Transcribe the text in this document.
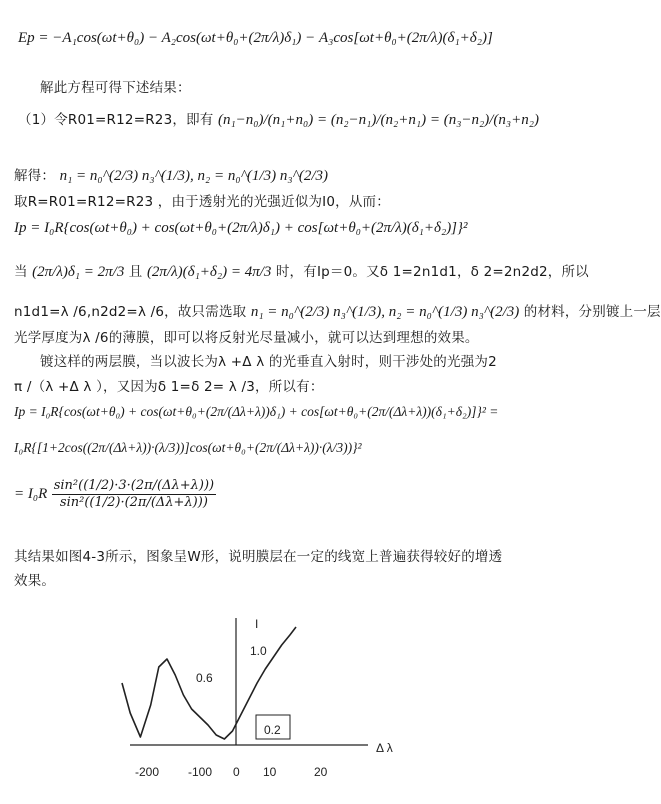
Ep = −A₁cos(ωt+θ₀) − A₂cos(ωt+θ₀+(2π/λ)δ₁) − A₃cos[ωt+θ₀+(2π/λ)(δ₁+δ₂)]
解此方程可得下述结果：
（1）令R01=R12=R23，即有 (n₁−n₀)/(n₁+n₀) = (n₂−n₁)/(n₂+n₁) = (n₃−n₂)/(n₃+n₂)
解得： n₁ = n₀^(2/3) n₃^(1/3), n₂ = n₀^(1/3) n₃^(2/3)
取R=R01=R12=R23 ，由于透射光的光强近似为I0，从而：
Ip = I₀R{cos(ωt+θ₀) + cos(ωt+θ₀+(2π/λ)δ₁) + cos[ωt+θ₀+(2π/λ)(δ₁+δ₂)]}²
当 (2π/λ)δ₁ = 2π/3 且 (2π/λ)(δ₁+δ₂) = 4π/3 时，有Ip＝0。又δ 1=2n1d1，δ 2=2n2d2，所以
n1d1=λ /6,n2d2=λ /6，故只需选取 n₁ = n₀^(2/3) n₃^(1/3), n₂ = n₀^(1/3) n₃^(2/3) 的材料，分别镀上一层
光学厚度为λ /6的薄膜，即可以将反射光尽量减小，就可以达到理想的效果。
镀这样的两层膜，当以波长为λ +Δ λ 的光垂直入射时，则干涉处的光强为2
π /（λ +Δ λ ），又因为δ 1=δ 2= λ /3，所以有：
Ip = I₀R{cos(ωt+θ₀) + cos(ωt+θ₀+(2π/(Δλ+λ))δ₁) + cos[ωt+θ₀+(2π/(Δλ+λ))(δ₁+δ₂)]}² =
I₀R{[1+2cos((2π/(Δλ+λ))·(λ/3))]cos(ωt+θ₀+(2π/(Δλ+λ))·(λ/3))}²
= $I_0R \frac{\text{sin²((1/2)·3·(2π/(Δλ+λ)))}}{\text{sin²((1/2)·(2π/(Δλ+λ)))}}$
其结果如图4-3所示，图象呈W形，说明膜层在一定的线宽上普遍获得较好的增透
效果。
I
1.0
0.6
0.2
Δ λ
-200 -100 0 10	20
